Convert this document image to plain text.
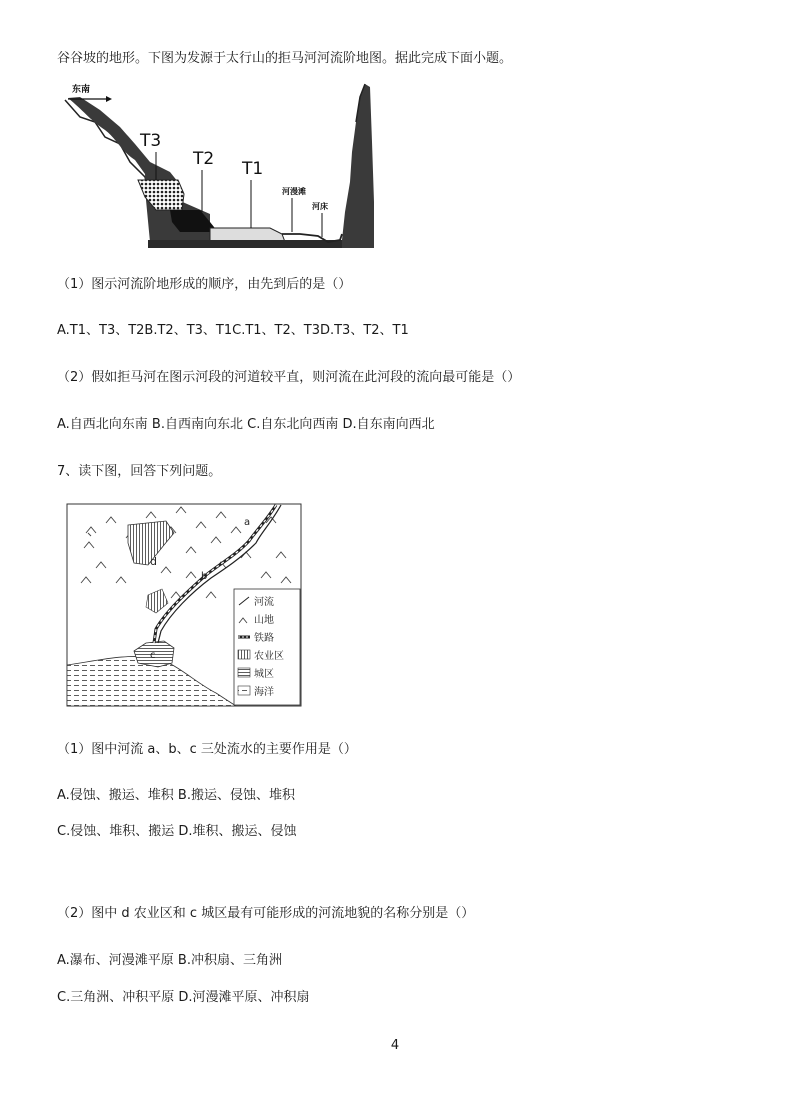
谷谷坡的地形。下图为发源于太行山的拒马河河流阶地图。据此完成下面小题。
东南
T3
T2 T1
河漫滩
河床
（1）图示河流阶地形成的顺序，由先到后的是（）
A.T1、T3、T2B.T2、T3、T1C.T1、T2、T3D.T3、T2、T1
（2）假如拒马河在图示河段的河道较平直，则河流在此河段的流向最可能是（）
A.自西北向东南 B.自西南向东北 C.自东北向西南 D.自东南向西北
7、读下图，回答下列问题。
d
c
a
b
河流
山地
铁路
农业区
城区
海洋
（1）图中河流 a、b、c 三处流水的主要作用是（）
A.侵蚀、搬运、堆积 B.搬运、侵蚀、堆积
C.侵蚀、堆积、搬运 D.堆积、搬运、侵蚀
（2）图中 d 农业区和 c 城区最有可能形成的河流地貌的名称分别是（）
A.瀑布、河漫滩平原 B.冲积扇、三角洲
C.三角洲、冲积平原 D.河漫滩平原、冲积扇
4
